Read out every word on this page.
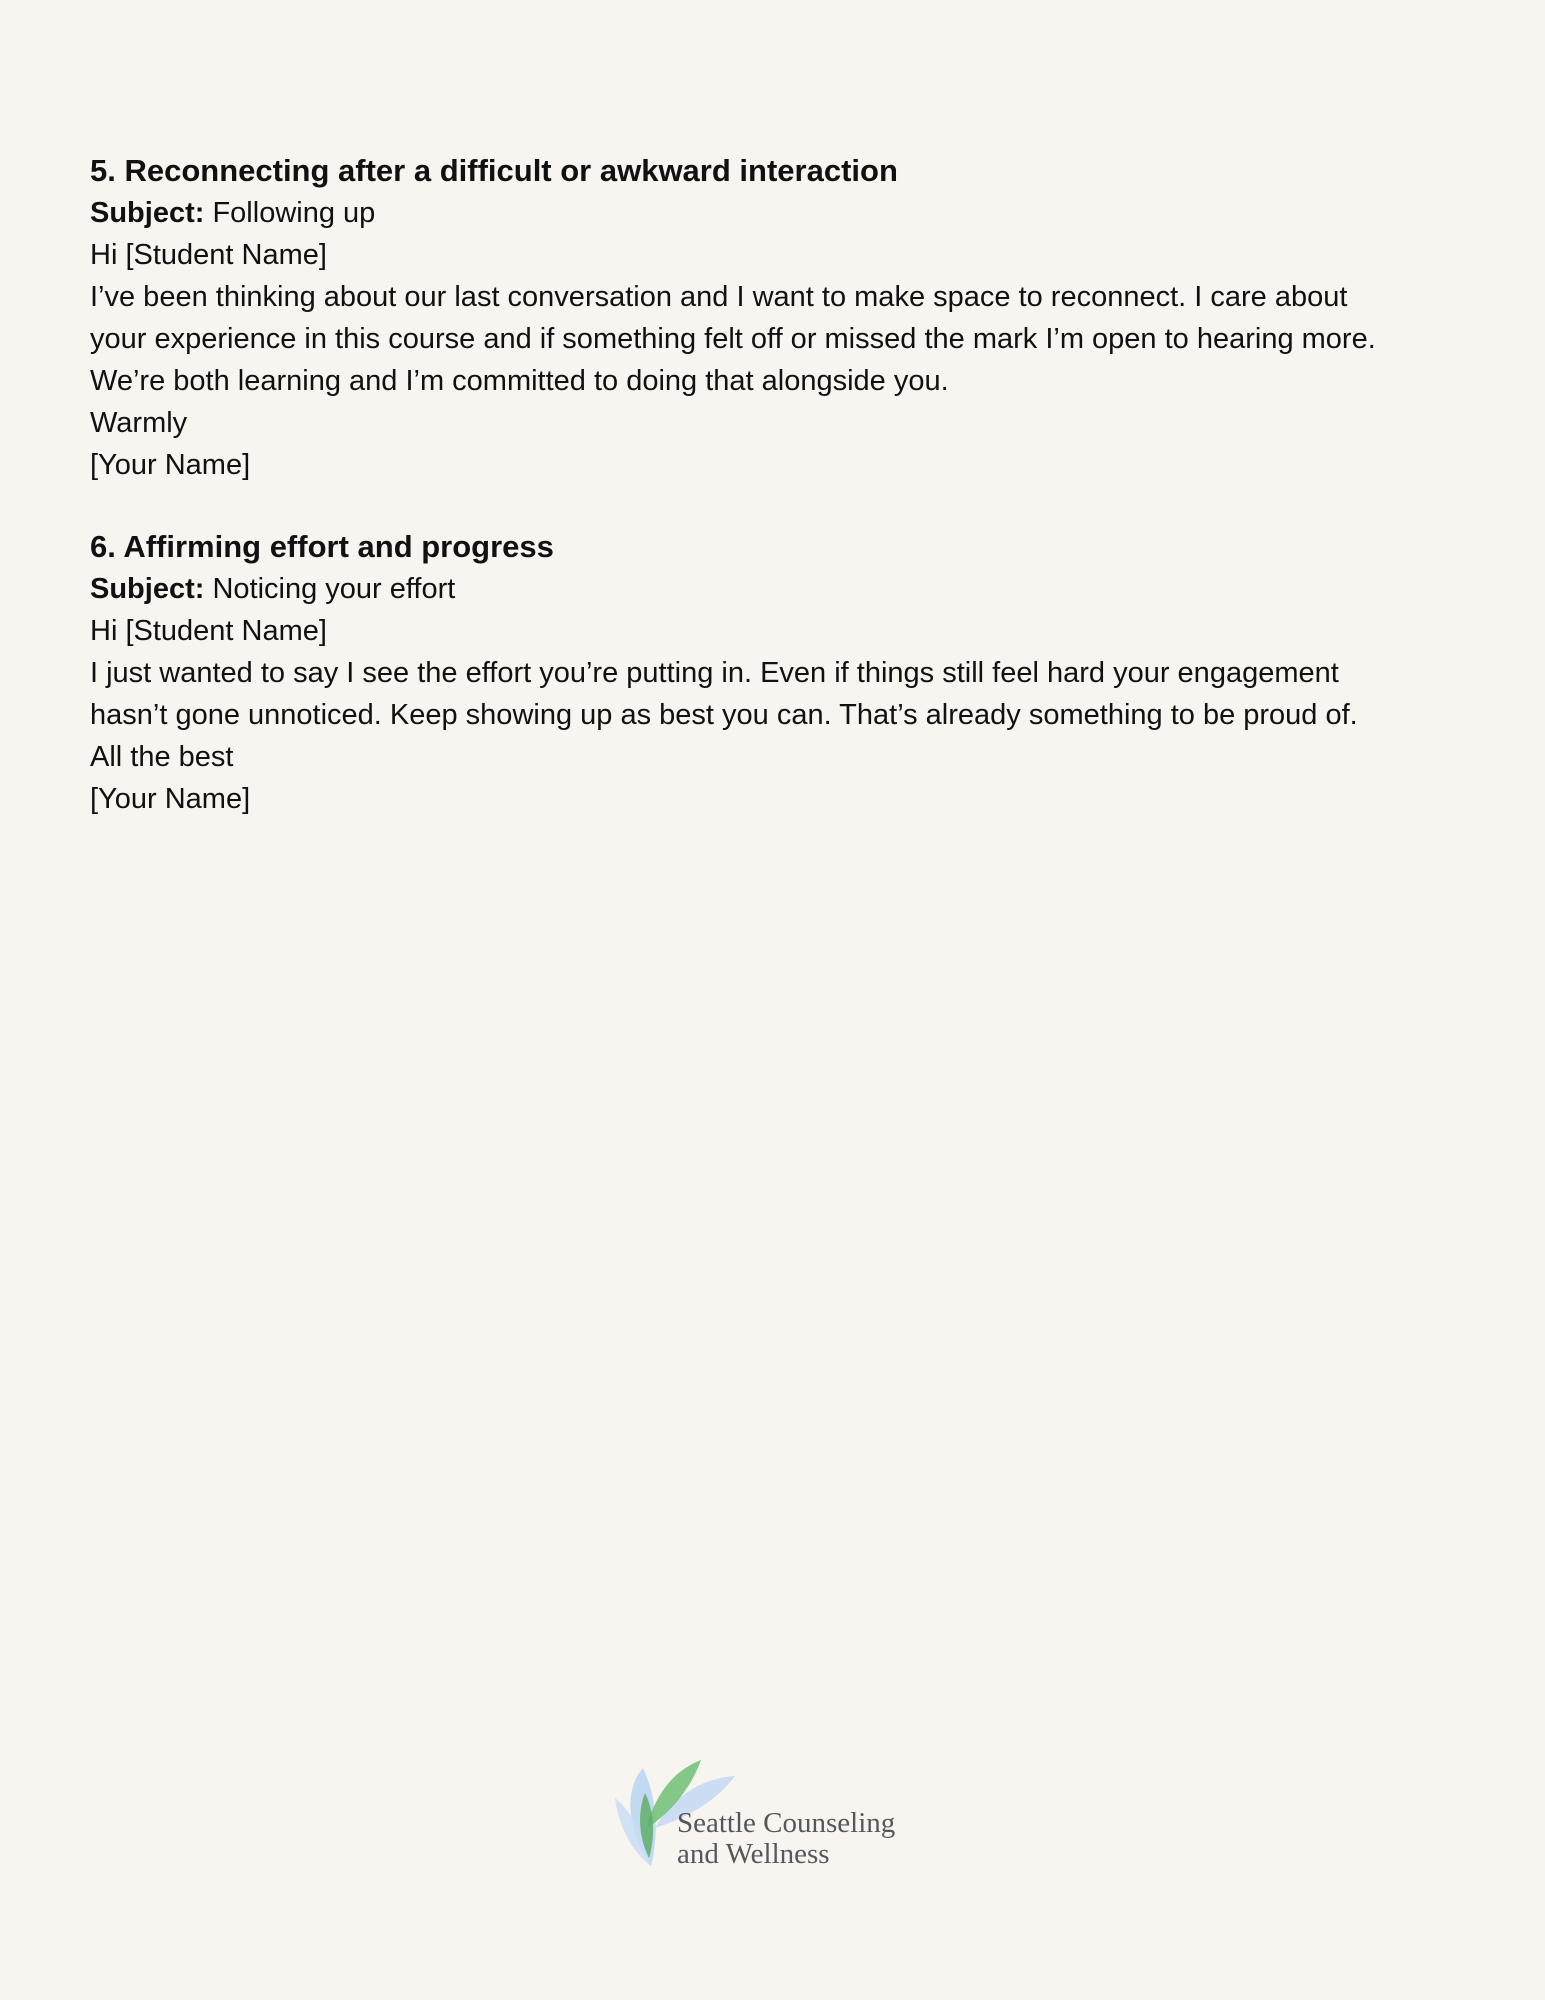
5. Reconnecting after a difficult or awkward interaction

Subject: Following up

Hi [Student Name]

I’ve been thinking about our last conversation and I want to make space to reconnect. I care about

your experience in this course and if something felt off or missed the mark I’m open to hearing more.

We’re both learning and I’m committed to doing that alongside you.

Warmly

[Your Name]

6. Affirming effort and progress

Subject: Noticing your effort

Hi [Student Name]

I just wanted to say I see the effort you’re putting in. Even if things still feel hard your engagement

hasn’t gone unnoticed. Keep showing up as best you can. That’s already something to be proud of.

All the best

[Your Name]

Seattle Counseling
and Wellness
